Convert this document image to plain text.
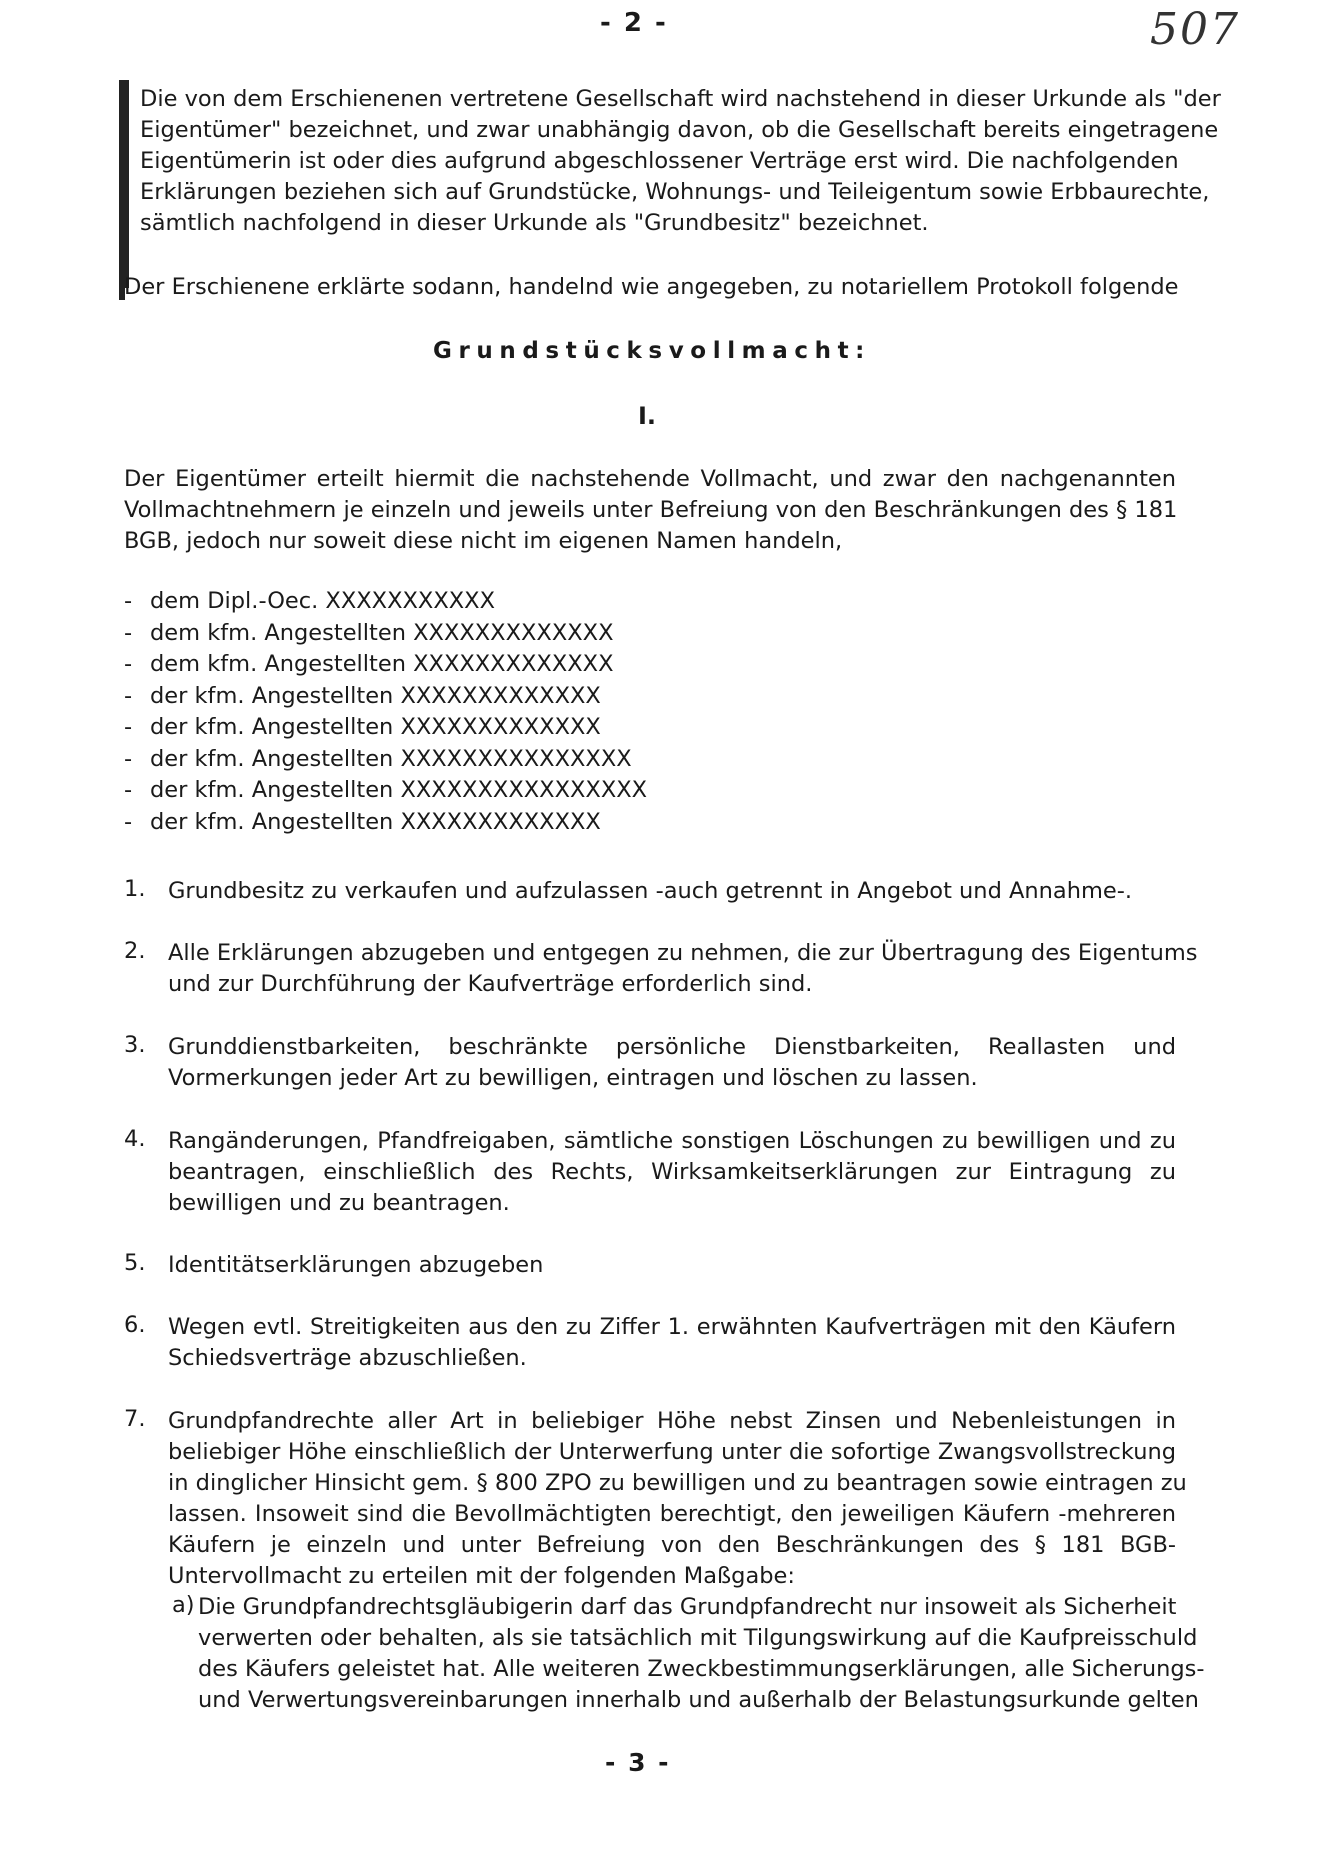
- 2 -	507
Die von dem Erschienenen vertretene Gesellschaft wird nachstehend in dieser Urkunde als "der
Eigentümer" bezeichnet, und zwar unabhängig davon, ob die Gesellschaft bereits eingetragene
Eigentümerin ist oder dies aufgrund abgeschlossener Verträge erst wird. Die nachfolgenden
Erklärungen beziehen sich auf Grundstücke, Wohnungs- und Teileigentum sowie Erbbaurechte,
sämtlich nachfolgend in dieser Urkunde als "Grundbesitz" bezeichnet.
Der Erschienene erklärte sodann, handelnd wie angegeben, zu notariellem Protokoll folgende
Grundstücksvollmacht:
I.
Der Eigentümer erteilt hiermit die nachstehende Vollmacht, und zwar den nachgenannten
Vollmachtnehmern je einzeln und jeweils unter Befreiung von den Beschränkungen des § 181
BGB, jedoch nur soweit diese nicht im eigenen Namen handeln,
- dem Dipl.-Oec. XXXXXXXXXXX
- dem kfm. Angestellten XXXXXXXXXXXXX
- dem kfm. Angestellten XXXXXXXXXXXXX
- der kfm. Angestellten XXXXXXXXXXXXX
- der kfm. Angestellten XXXXXXXXXXXXX
- der kfm. Angestellten XXXXXXXXXXXXXXX
- der kfm. Angestellten XXXXXXXXXXXXXXXX
- der kfm. Angestellten XXXXXXXXXXXXX
1. Grundbesitz zu verkaufen und aufzulassen -auch getrennt in Angebot und Annahme-.
2. Alle Erklärungen abzugeben und entgegen zu nehmen, die zur Übertragung des Eigentums
und zur Durchführung der Kaufverträge erforderlich sind.
3. Grunddienstbarkeiten, beschränkte persönliche Dienstbarkeiten, Reallasten und
Vormerkungen jeder Art zu bewilligen, eintragen und löschen zu lassen.
4. Rangänderungen, Pfandfreigaben, sämtliche sonstigen Löschungen zu bewilligen und zu
beantragen, einschließlich des Rechts, Wirksamkeitserklärungen zur Eintragung zu
bewilligen und zu beantragen.
5. Identitätserklärungen abzugeben
6. Wegen evtl. Streitigkeiten aus den zu Ziffer 1. erwähnten Kaufverträgen mit den Käufern
Schiedsverträge abzuschließen.
7. Grundpfandrechte aller Art in beliebiger Höhe nebst Zinsen und Nebenleistungen in
beliebiger Höhe einschließlich der Unterwerfung unter die sofortige Zwangsvollstreckung
in dinglicher Hinsicht gem. § 800 ZPO zu bewilligen und zu beantragen sowie eintragen zu
lassen. Insoweit sind die Bevollmächtigten berechtigt, den jeweiligen Käufern -mehreren
Käufern je einzeln und unter Befreiung von den Beschränkungen des § 181 BGB-
Untervollmacht zu erteilen mit der folgenden Maßgabe:
a) Die Grundpfandrechtsgläubigerin darf das Grundpfandrecht nur insoweit als Sicherheit
verwerten oder behalten, als sie tatsächlich mit Tilgungswirkung auf die Kaufpreisschuld
des Käufers geleistet hat. Alle weiteren Zweckbestimmungserklärungen, alle Sicherungs-
und Verwertungsvereinbarungen innerhalb und außerhalb der Belastungsurkunde gelten
- 3 -
